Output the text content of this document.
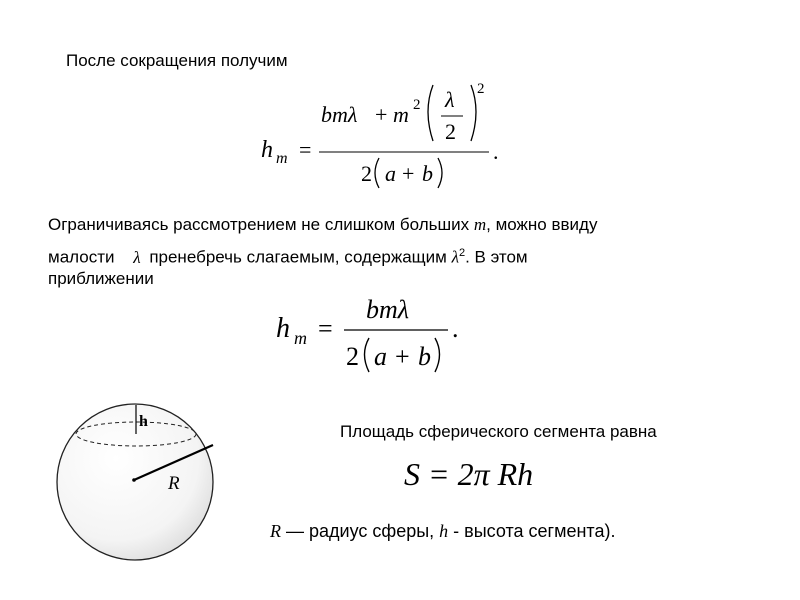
После сокращения получим
h m =
bmλ + m 2 λ
2
2
2 a + b
.
Ограничиваясь рассмотрением не слишком больших m, можно ввиду
малости λ пренебречь слагаемым, содержащим $\lambda^2$. В этом
приближении
h m =
bmλ
2 a + b
.
h
R
Площадь сферического сегмента равна
S = 2π Rh
R — радиус сферы, h - высота сегмента).
